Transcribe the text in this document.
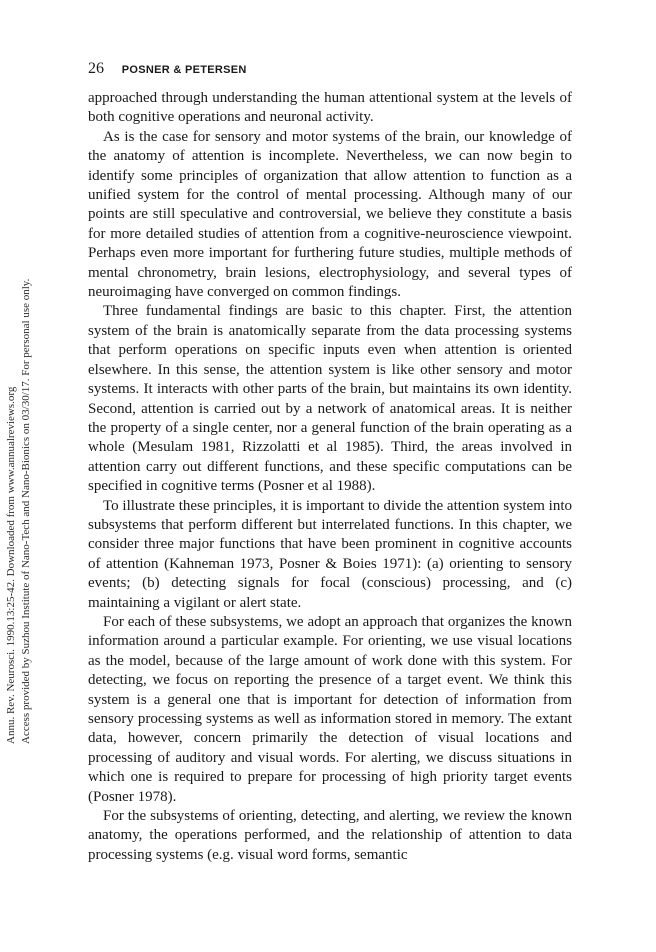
26 POSNER & PETERSEN
Annu. Rev. Neurosci. 1990.13:25-42. Downloaded from www.annualreviews.org Access provided by Suzhou Institute of Nano-Tech and Nano-Bionics on 03/30/17. For personal use only.

approached through understanding the human attentional system at the levels of both cognitive operations and neuronal activity.

As is the case for sensory and motor systems of the brain, our knowledge of the anatomy of attention is incomplete. Nevertheless, we can now begin to identify some principles of organization that allow attention to function as a unified system for the control of mental processing. Although many of our points are still speculative and controversial, we believe they constitute a basis for more detailed studies of attention from a cognitive-neuroscience viewpoint. Perhaps even more important for furthering future studies, multiple methods of mental chronometry, brain lesions, electrophysiology, and several types of neuroimaging have converged on common findings.

Three fundamental findings are basic to this chapter. First, the attention system of the brain is anatomically separate from the data processing systems that perform operations on specific inputs even when attention is oriented elsewhere. In this sense, the attention system is like other sensory and motor systems. It interacts with other parts of the brain, but maintains its own identity. Second, attention is carried out by a network of anatomical areas. It is neither the property of a single center, nor a general function of the brain operating as a whole (Mesulam 1981, Rizzolatti et al 1985). Third, the areas involved in attention carry out different functions, and these specific computations can be specified in cognitive terms (Posner et al 1988).

To illustrate these principles, it is important to divide the attention system into subsystems that perform different but interrelated functions. In this chapter, we consider three major functions that have been prominent in cognitive accounts of attention (Kahneman 1973, Posner & Boies 1971): (a) orienting to sensory events; (b) detecting signals for focal (conscious) processing, and (c) maintaining a vigilant or alert state.

For each of these subsystems, we adopt an approach that organizes the known information around a particular example. For orienting, we use visual locations as the model, because of the large amount of work done with this system. For detecting, we focus on reporting the presence of a target event. We think this system is a general one that is important for detection of information from sensory processing systems as well as information stored in memory. The extant data, however, concern primarily the detection of visual locations and processing of auditory and visual words. For alerting, we discuss situations in which one is required to prepare for processing of high priority target events (Posner 1978).

For the subsystems of orienting, detecting, and alerting, we review the known anatomy, the operations performed, and the relationship of attention to data processing systems (e.g. visual word forms, semantic
